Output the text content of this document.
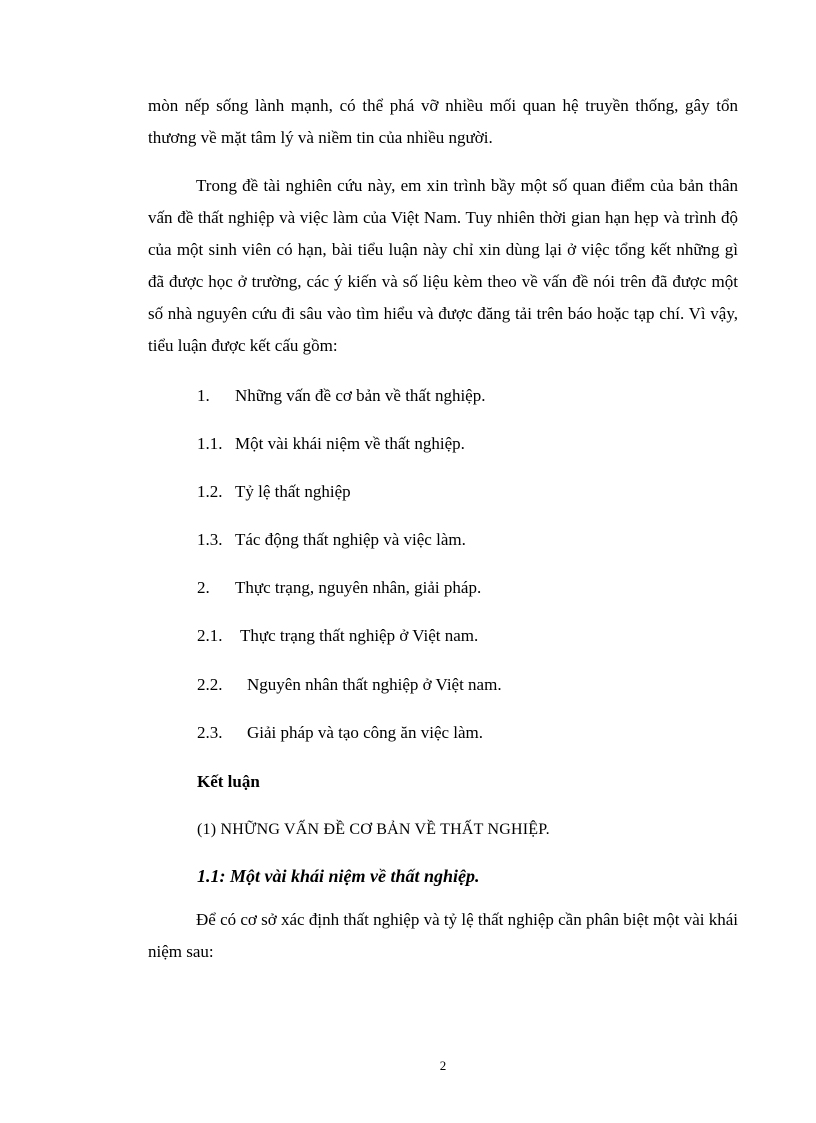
mòn nếp sống lành mạnh, có thể phá vỡ nhiều mối quan hệ truyền thống, gây tổn thương về mặt tâm lý và niềm tin của nhiều người.

Trong đề tài nghiên cứu này, em xin trình bầy một số quan điểm của bản thân vấn đề thất nghiệp và việc làm của Việt Nam. Tuy nhiên thời gian hạn hẹp và trình độ của một sinh viên có hạn, bài tiểu luận này chỉ xin dùng lại ở việc tổng kết những gì đã được học ở trường, các ý kiến và số liệu kèm theo về vấn đề nói trên đã được một số nhà nguyên cứu đi sâu vào tìm hiểu và được đăng tải trên báo hoặc tạp chí. Vì vậy, tiểu luận được kết cấu gồm:

1. Những vấn đề cơ bản về thất nghiệp.
1.1. Một vài khái niệm về thất nghiệp.
1.2. Tỷ lệ thất nghiệp
1.3. Tác động thất nghiệp và việc làm.
2. Thực trạng, nguyên nhân, giải pháp.
2.1. Thực trạng thất nghiệp ở Việt nam.
2.2. Nguyên nhân thất nghiệp ở Việt nam.
2.3. Giải pháp và tạo công ăn việc làm.
Kết luận
(1) NHỮNG VẤN ĐỀ CƠ BẢN VỀ THẤT NGHIỆP.
1.1: Một vài khái niệm về thất nghiệp.

Để có cơ sở xác định thất nghiệp và tỷ lệ thất nghiệp cần phân biệt một vài khái niệm sau:

2
